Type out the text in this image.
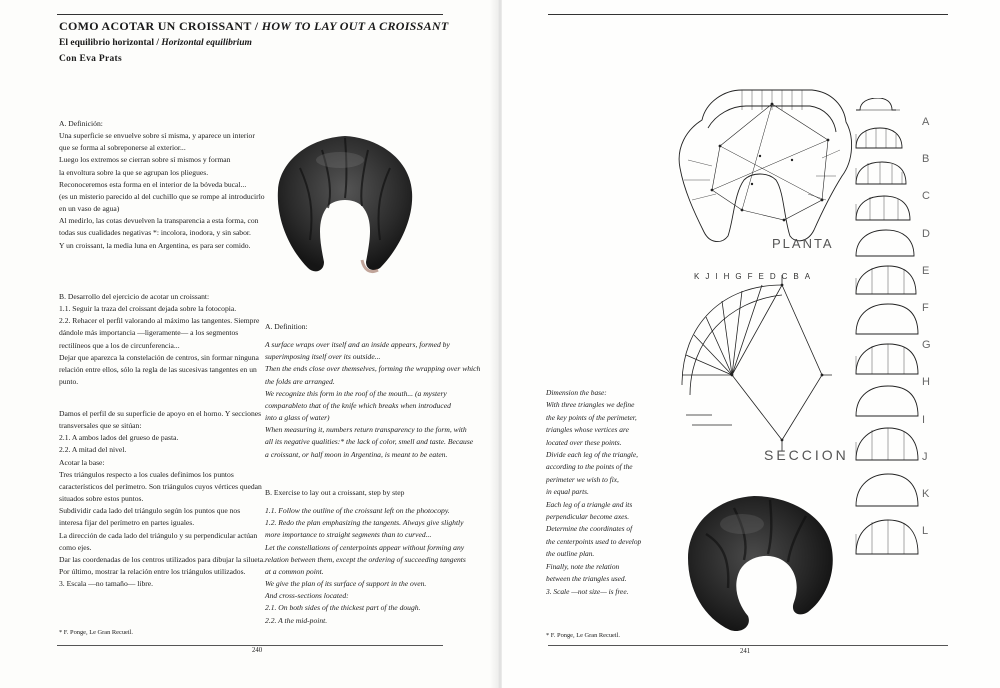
COMO ACOTAR UN CROISSANT / HOW TO LAY OUT A CROISSANT
El equilibrio horizontal / Horizontal equilibrium
Con Eva Prats
A. Definición:
Una superficie se envuelve sobre sí misma, y aparece un interior
que se forma al sobreponerse al exterior...
Luego los extremos se cierran sobre sí mismos y forman
la envoltura sobre la que se agrupan los pliegues.
Reconoceremos esta forma en el interior de la bóveda bucal...
(es un misterio parecido al del cuchillo que se rompe al introducirlo
en un vaso de agua)
Al medirlo, las cotas devuelven la transparencia a esta forma, con
todas sus cualidades negativas *: incolora, inodora, y sin sabor.
Y un croissant, la media luna en Argentina, es para ser comido.
B. Desarrollo del ejercicio de acotar un croissant:
1.1. Seguir la traza del croissant dejada sobre la fotocopia.
2.2. Rehacer el perfil valorando al máximo las tangentes. Siempre
dándole más importancia —ligeramente— a los segmentos
rectilíneos que a los de circunferencia...
Dejar que aparezca la constelación de centros, sin formar ninguna
relación entre ellos, sólo la regla de las sucesivas tangentes en un
punto.
Damos el perfil de su superficie de apoyo en el horno. Y secciones
transversales que se sitúan:
2.1. A ambos lados del grueso de pasta.
2.2. A mitad del nivel.
Acotar la base:
Tres triángulos respecto a los cuales definimos los puntos
característicos del perímetro. Son triángulos cuyos vértices quedan
situados sobre estos puntos.
Subdividir cada lado del triángulo según los puntos que nos
interesa fijar del perímetro en partes iguales.
La dirección de cada lado del triángulo y su perpendicular actúan
como ejes.
Dar las coordenadas de los centros utilizados para dibujar la silueta.
Por último, mostrar la relación entre los triángulos utilizados.
3. Escala —no tamaño— libre.
A. Definition:
A surface wraps over itself and an inside appears, formed by
superimposing itself over its outside...
Then the ends close over themselves, forming the wrapping over which
the folds are arranged.
We recognize this form in the roof of the mouth... (a mystery
comparableto that of the knife which breaks when introduced
into a glass of water)
When measuring it, numbers return transparency to the form, with
all its negative qualities:* the lack of color, smell and taste. Because
a croissant, or half moon in Argentina, is meant to be eaten.
B. Exercise to lay out a croissant, step by step
1.1. Follow the outline of the croissant left on the photocopy.
1.2. Redo the plan emphasizing the tangents. Always give slightly
more importance to straight segments than to curved...
Let the constellations of centerpoints appear without forming any
relation between them, except the ordering of succeeding tangents
at a common point.
We give the plan of its surface of support in the oven.
And cross-sections located:
2.1. On both sides of the thickest part of the dough.
2.2. A the mid-point.
* F. Ponge, Le Gran Recueil.
240
PLANTA
KJIHGFEDCBA
SECCION
A
B
C
D
E
F
G
H
I
J
K
L
Dimension the base:
With three triangles we define
the key points of the perimeter,
triangles whose vertices are
located over these points.
Divide each leg of the triangle,
according to the points of the
perimeter we wish to fix,
in equal parts.
Each leg of a triangle and its
perpendicular become axes.
Determine the coordinates of
the centerpoints used to develop
the outline plan.
Finally, note the relation
between the triangles used.
3. Scale —not size— is free.
* F. Ponge, Le Gran Recueil.
241
